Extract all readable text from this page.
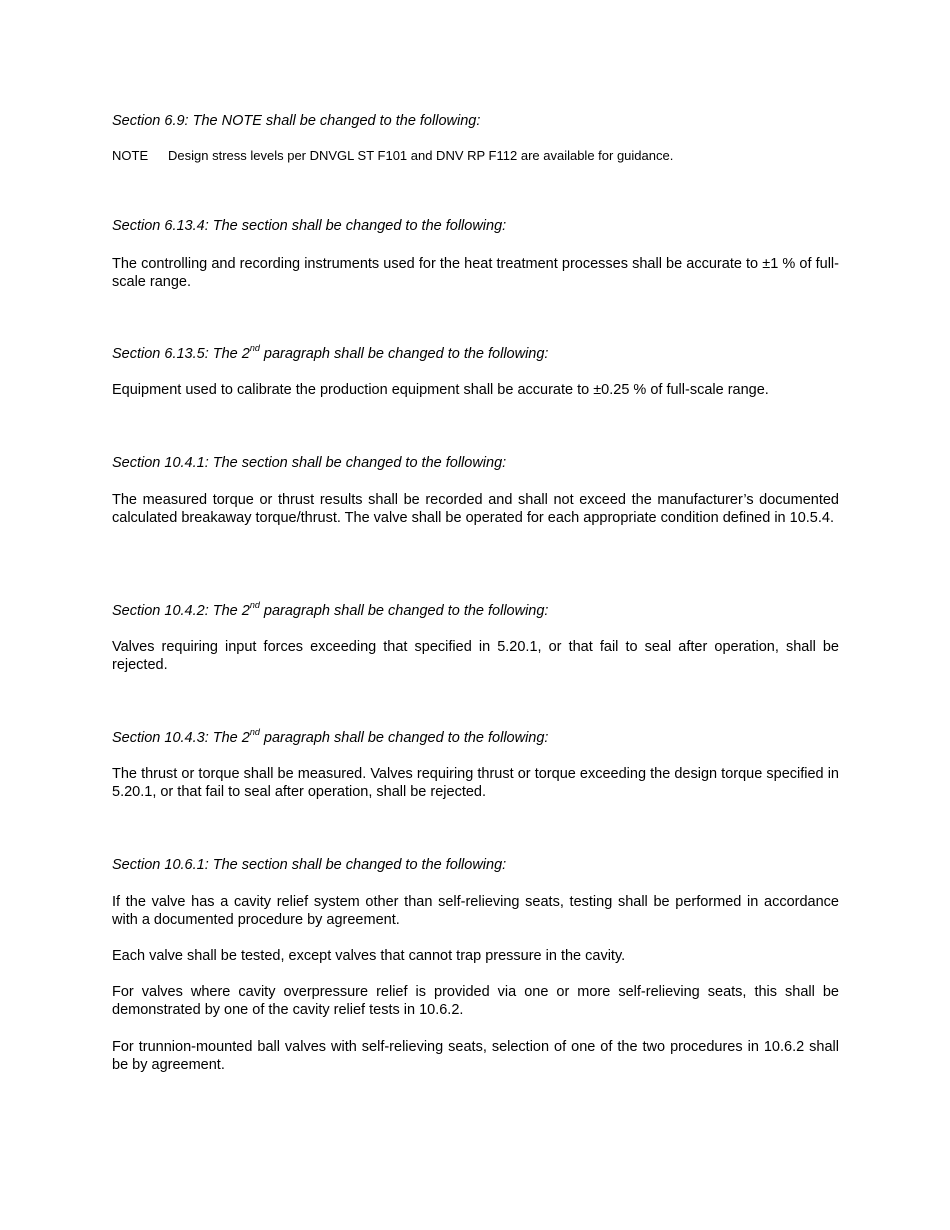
Section 6.9: The NOTE shall be changed to the following:
NOTE Design stress levels per DNVGL ST F101 and DNV RP F112 are available for guidance.
Section 6.13.4: The section shall be changed to the following:
The controlling and recording instruments used for the heat treatment processes shall be accurate to ±1 % of full-scale range.
Section 6.13.5: The 2nd paragraph shall be changed to the following:
Equipment used to calibrate the production equipment shall be accurate to ±0.25 % of full-scale range.
Section 10.4.1: The section shall be changed to the following:
The measured torque or thrust results shall be recorded and shall not exceed the manufacturer’s documented calculated breakaway torque/thrust. The valve shall be operated for each appropriate condition defined in 10.5.4.
Section 10.4.2: The 2nd paragraph shall be changed to the following:
Valves requiring input forces exceeding that specified in 5.20.1, or that fail to seal after operation, shall be rejected.
Section 10.4.3: The 2nd paragraph shall be changed to the following:
The thrust or torque shall be measured. Valves requiring thrust or torque exceeding the design torque specified in 5.20.1, or that fail to seal after operation, shall be rejected.
Section 10.6.1: The section shall be changed to the following:
If the valve has a cavity relief system other than self-relieving seats, testing shall be performed in accordance with a documented procedure by agreement.
Each valve shall be tested, except valves that cannot trap pressure in the cavity.
For valves where cavity overpressure relief is provided via one or more self-relieving seats, this shall be demonstrated by one of the cavity relief tests in 10.6.2.
For trunnion-mounted ball valves with self-relieving seats, selection of one of the two procedures in 10.6.2 shall be by agreement.
